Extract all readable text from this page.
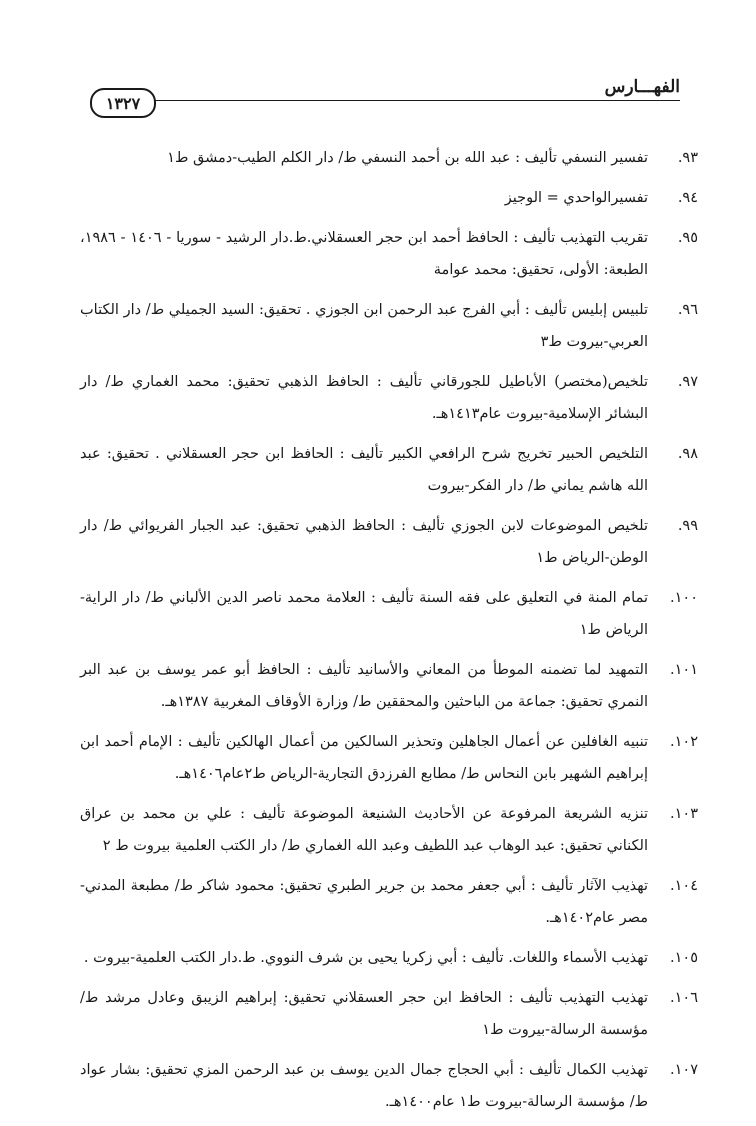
الفهـــارس
١٣٢٧
٩٣.
تفسير النسفي تأليف : عبد الله بن أحمد النسفي ط/ دار الكلم الطيب-دمشق ط١
٩٤.
تفسيرالواحدي = الوجيز
٩٥.
تقريب التهذيب تأليف : الحافظ أحمد ابن حجر العسقلاني.ط.دار الرشيد - سوريا - ١٤٠٦ - ١٩٨٦، الطبعة: الأولى، تحقيق: محمد عوامة
٩٦.
تلبيس إبليس تأليف : أبي الفرج عبد الرحمن ابن الجوزي . تحقيق: السيد الجميلي ط/ دار الكتاب العربي-بيروت ط٣
٩٧.
تلخيص(مختصر) الأباطيل للجورقاني تأليف : الحافظ الذهبي تحقيق: محمد الغماري ط/ دار البشائر الإسلامية-بيروت عام١٤١٣هـ.
٩٨.
التلخيص الحبير تخريج شرح الرافعي الكبير تأليف : الحافظ ابن حجر العسقلاني . تحقيق: عبد الله هاشم يماني ط/ دار الفكر-بيروت
٩٩.
تلخيص الموضوعات لابن الجوزي تأليف : الحافظ الذهبي تحقيق: عبد الجبار الفريوائي ط/ دار الوطن-الرياض ط١
١٠٠.
تمام المنة في التعليق على فقه السنة تأليف : العلامة محمد ناصر الدين الألباني ط/ دار الراية- الرياض ط١
١٠١.
التمهيد لما تضمنه الموطأ من المعاني والأسانيد تأليف : الحافظ أبو عمر يوسف بن عبد البر النمري تحقيق: جماعة من الباحثين والمحققين ط/ وزارة الأوقاف المغربية ١٣٨٧هـ.
١٠٢.
تنبيه الغافلين عن أعمال الجاهلين وتحذير السالكين من أعمال الهالكين تأليف : الإمام أحمد ابن إبراهيم الشهير بابن النحاس ط/ مطابع الفرزدق التجارية-الرياض ط٢عام١٤٠٦هـ.
١٠٣.
تنزيه الشريعة المرفوعة عن الأحاديث الشنيعة الموضوعة تأليف : علي بن محمد بن عراق الكناني تحقيق: عبد الوهاب عبد اللطيف وعبد الله الغماري ط/ دار الكتب العلمية بيروت ط ٢
١٠٤.
تهذيب الآثار تأليف : أبي جعفر محمد بن جرير الطبري تحقيق: محمود شاكر ط/ مطبعة المدني-مصر عام١٤٠٢هـ.
١٠٥.
تهذيب الأسماء واللغات. تأليف : أبي زكريا يحيى بن شرف النووي. ط.دار الكتب العلمية-بيروت .
١٠٦.
تهذيب التهذيب تأليف : الحافظ ابن حجر العسقلاني تحقيق: إبراهيم الزيبق وعادل مرشد ط/ مؤسسة الرسالة-بيروت ط١
١٠٧.
تهذيب الكمال تأليف : أبي الحجاج جمال الدين يوسف بن عبد الرحمن المزي تحقيق: بشار عواد ط/ مؤسسة الرسالة-بيروت ط١ عام١٤٠٠هـ.
